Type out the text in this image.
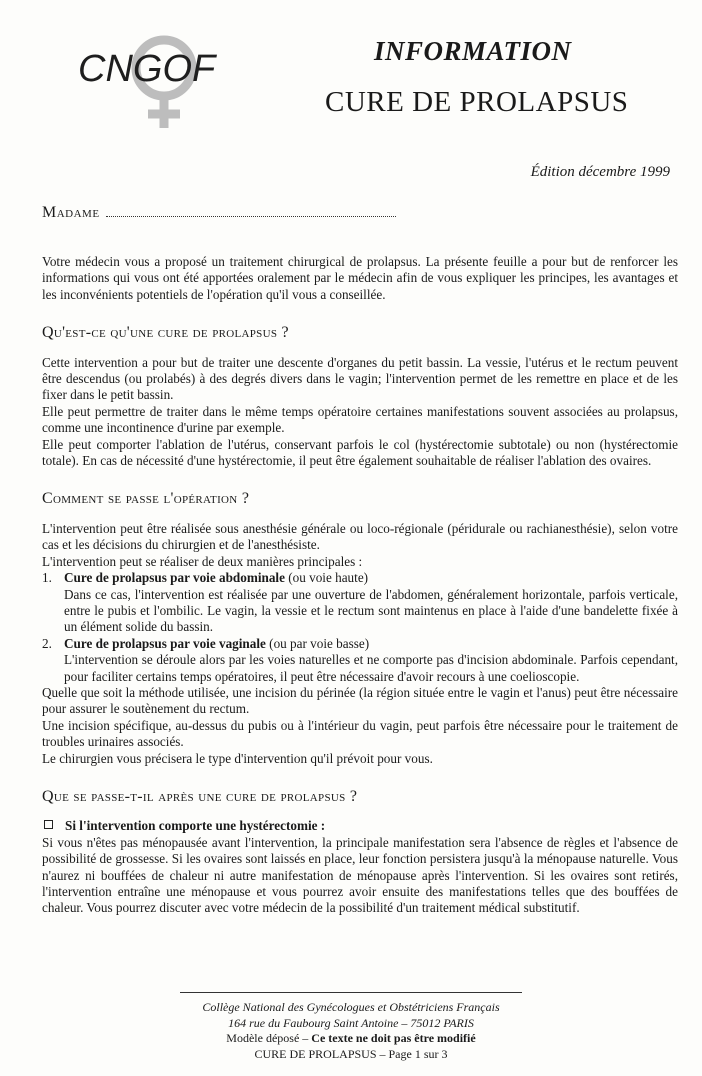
CNGOF	INFORMATION
CURE DE PROLAPSUS
Édition décembre 1999
Madame

Votre médecin vous a proposé un traitement chirurgical de prolapsus. La présente feuille a pour but de renforcer les informations qui vous ont été apportées oralement par le médecin afin de vous expliquer les principes, les avantages et les inconvénients potentiels de l'opération qu'il vous a conseillée.

Qu'est-ce qu'une cure de prolapsus ?

Cette intervention a pour but de traiter une descente d'organes du petit bassin. La vessie, l'utérus et le rectum peuvent être descendus (ou prolabés) à des degrés divers dans le vagin; l'intervention permet de les remettre en place et de les fixer dans le petit bassin.

Elle peut permettre de traiter dans le même temps opératoire certaines manifestations souvent associées au prolapsus, comme une incontinence d'urine par exemple.

Elle peut comporter l'ablation de l'utérus, conservant parfois le col (hystérectomie subtotale) ou non (hystérectomie totale). En cas de nécessité d'une hystérectomie, il peut être également souhaitable de réaliser l'ablation des ovaires.

Comment se passe l'opération ?

L'intervention peut être réalisée sous anesthésie générale ou loco-régionale (péridurale ou rachianesthésie), selon votre cas et les décisions du chirurgien et de l'anesthésiste.

L'intervention peut se réaliser de deux manières principales :

1. Cure de prolapsus par voie abdominale (ou voie haute)
Dans ce cas, l'intervention est réalisée par une ouverture de l'abdomen, généralement horizontale, parfois verticale, entre le pubis et l'ombilic. Le vagin, la vessie et le rectum sont maintenus en place à l'aide d'une bandelette fixée à un élément solide du bassin.
2. Cure de prolapsus par voie vaginale (ou par voie basse)
L'intervention se déroule alors par les voies naturelles et ne comporte pas d'incision abdominale. Parfois cependant, pour faciliter certains temps opératoires, il peut être nécessaire d'avoir recours à une coelioscopie.

Quelle que soit la méthode utilisée, une incision du périnée (la région située entre le vagin et l'anus) peut être nécessaire pour assurer le soutènement du rectum.

Une incision spécifique, au-dessus du pubis ou à l'intérieur du vagin, peut parfois être nécessaire pour le traitement de troubles urinaires associés.

Le chirurgien vous précisera le type d'intervention qu'il prévoit pour vous.

Que se passe-t-il après une cure de prolapsus ?
Si l'intervention comporte une hystérectomie :

Si vous n'êtes pas ménopausée avant l'intervention, la principale manifestation sera l'absence de règles et l'absence de possibilité de grossesse. Si les ovaires sont laissés en place, leur fonction persistera jusqu'à la ménopause naturelle. Vous n'aurez ni bouffées de chaleur ni autre manifestation de ménopause après l'intervention. Si les ovaires sont retirés, l'intervention entraîne une ménopause et vous pourrez avoir ensuite des manifestations telles que des bouffées de chaleur. Vous pourrez discuter avec votre médecin de la possibilité d'un traitement médical substitutif.

Collège National des Gynécologues et Obstétriciens Français
164 rue du Faubourg Saint Antoine – 75012 PARIS
Modèle déposé – Ce texte ne doit pas être modifié
CURE DE PROLAPSUS – Page 1 sur 3
